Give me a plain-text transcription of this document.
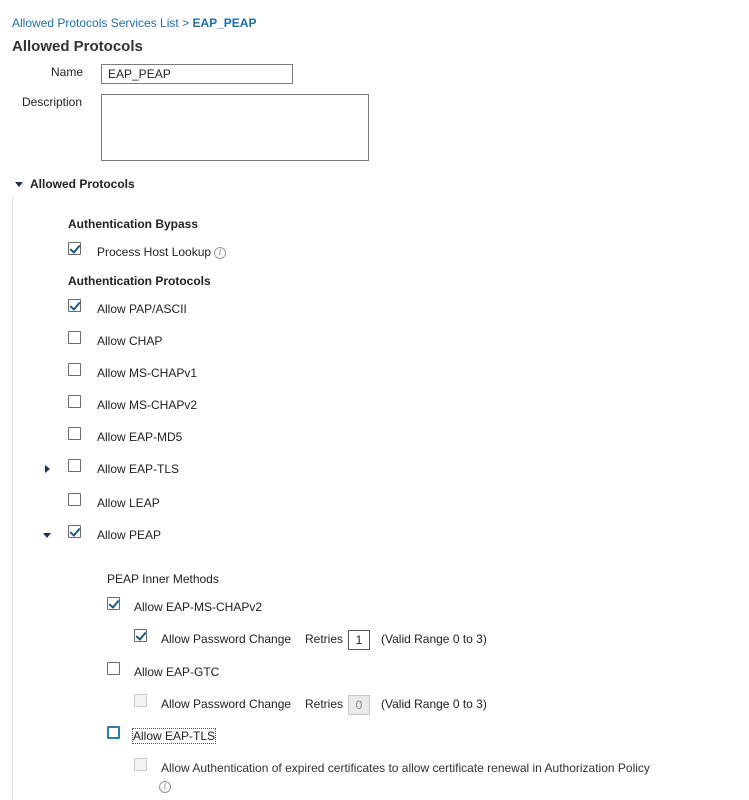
Allowed Protocols Services List > EAP_PEAP
Allowed Protocols
Name
EAP_PEAP
Description
Allowed Protocols
Authentication Bypass
Process Host Lookup i
Authentication Protocols
Allow PAP/ASCII
Allow CHAP
Allow MS-CHAPv1
Allow MS-CHAPv2
Allow EAP-MD5
Allow EAP-TLS
Allow LEAP
Allow PEAP
PEAP Inner Methods
Allow EAP-MS-CHAPv2
Allow Password Change Retries	1	(Valid Range 0 to 3)
Allow EAP-GTC
Allow Password Change Retries	0	(Valid Range 0 to 3)
Allow EAP-TLS
Allow Authentication of expired certificates to allow certificate renewal in Authorization Policy
i
